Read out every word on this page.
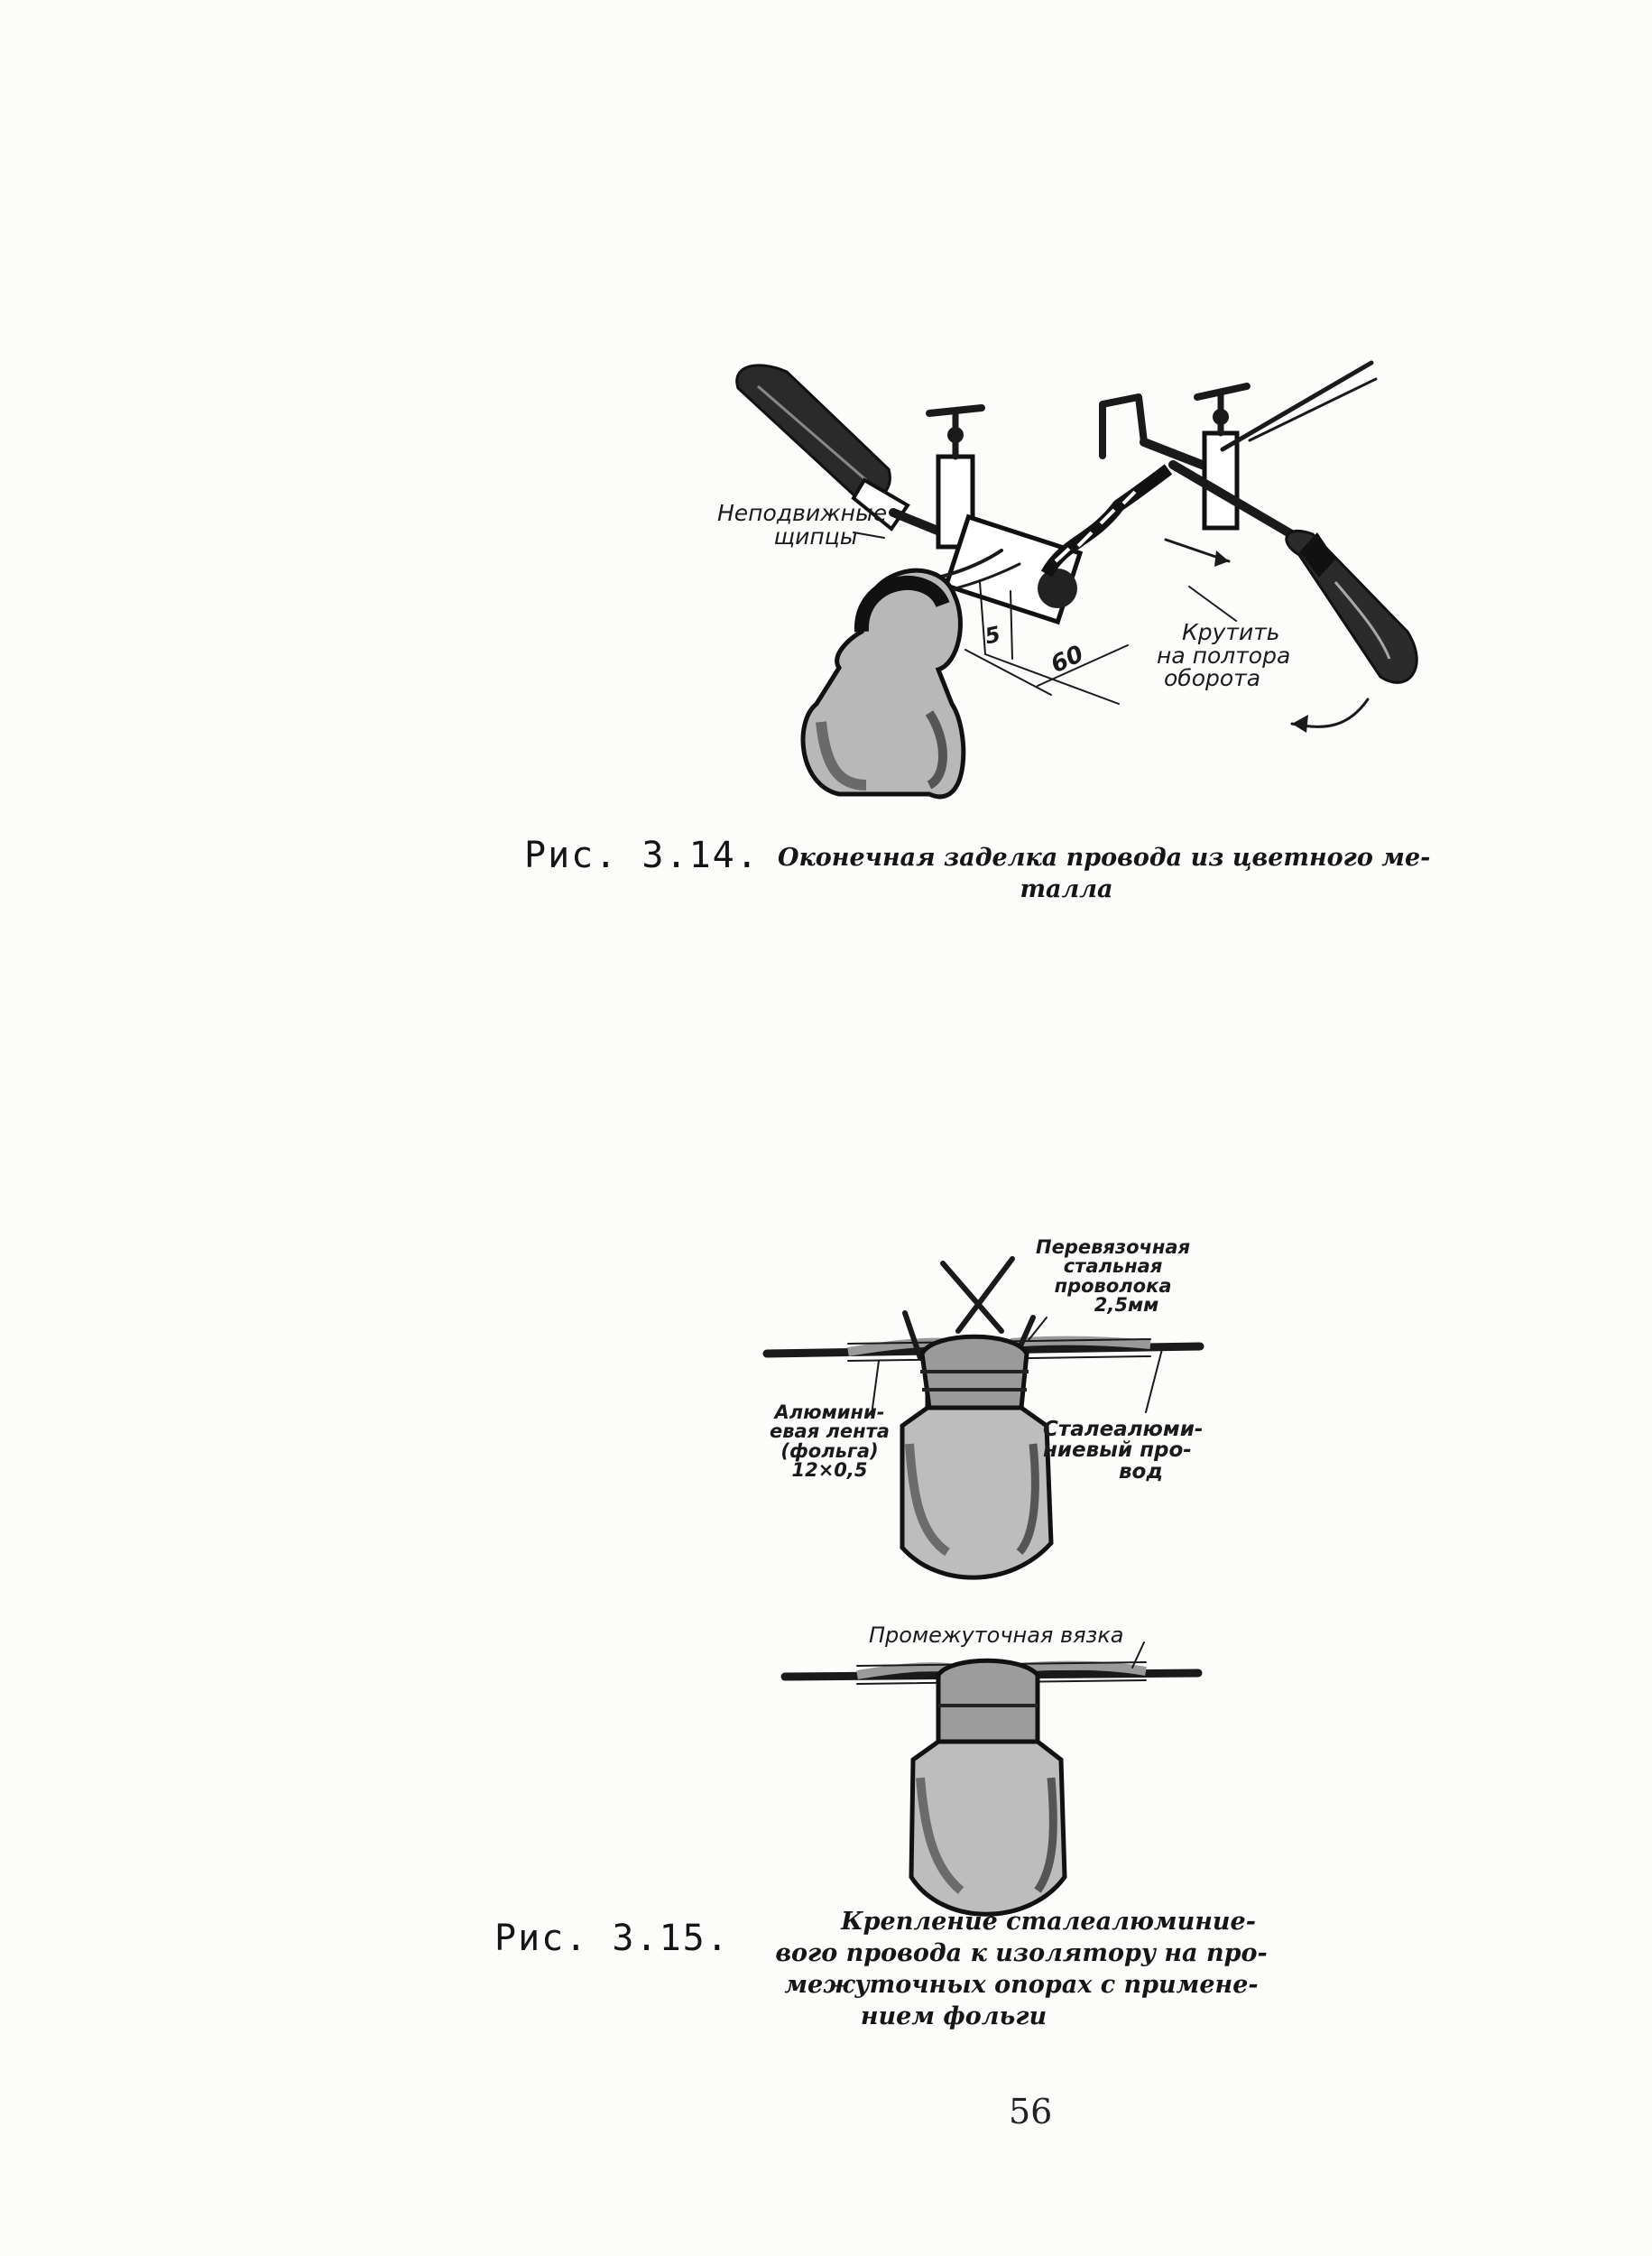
Неподвижные
щипцы
5
60
Крутить
на полтора
оборота
Рис. 3.14. Оконечная заделка провода из цветного ме-
талла
Перевязочная
стальная
проволока
2,5мм
Алюмини-
евая лента
(фольга)
12×0,5
Сталеалюми-
ниевый про-
вод
Промежуточная вязка
Рис. 3.15.	Крепление сталеалюминие-
вого провода к изолятору на про-
межуточных опорах с примене-
нием фольги
56
